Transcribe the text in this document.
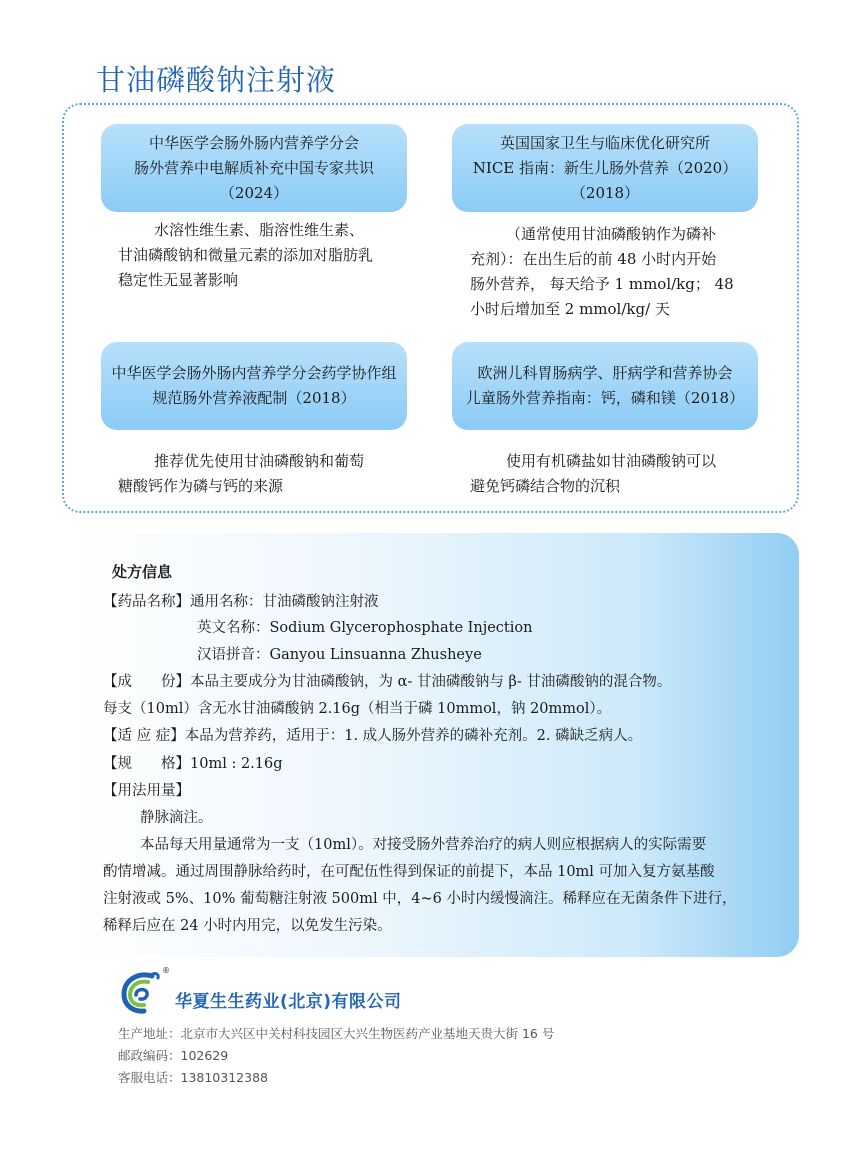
甘油磷酸钠注射液
中华医学会肠外肠内营养学分会
肠外营养中电解质补充中国专家共识
（2024）
水溶性维生素、脂溶性维生素、
甘油磷酸钠和微量元素的添加对脂肪乳
稳定性无显著影响
英国国家卫生与临床优化研究所
NICE 指南：新生儿肠外营养（2020）
（2018）
（通常使用甘油磷酸钠作为磷补
充剂）：在出生后的前 48 小时内开始
肠外营养， 每天给予 1 mmol/kg； 48
小时后增加至 2 mmol/kg/ 天
中华医学会肠外肠内营养学分会药学协作组
规范肠外营养液配制（2018）
推荐优先使用甘油磷酸钠和葡萄
糖酸钙作为磷与钙的来源
欧洲儿科胃肠病学、肝病学和营养协会
儿童肠外营养指南：钙，磷和镁（2018）
使用有机磷盐如甘油磷酸钠可以
避免钙磷结合物的沉积
处方信息

【药品名称】通用名称：甘油磷酸钠注射液

英文名称：Sodium Glycerophosphate Injection

汉语拼音：Ganyou Linsuanna Zhusheye

【成　　份】本品主要成分为甘油磷酸钠，为 α- 甘油磷酸钠与 β- 甘油磷酸钠的混合物。

每支（10ml）含无水甘油磷酸钠 2.16g（相当于磷 10mmol，钠 20mmol）。

【适 应 症】本品为营养药，适用于：1. 成人肠外营养的磷补充剂。2. 磷缺乏病人。

【规　　格】10ml : 2.16g

【用法用量】

静脉滴注。

本品每天用量通常为一支（10ml）。对接受肠外营养治疗的病人则应根据病人的实际需要

酌情增减。通过周围静脉给药时，在可配伍性得到保证的前提下，本品 10ml 可加入复方氨基酸

注射液或 5%、10% 葡萄糖注射液 500ml 中，4~6 小时内缓慢滴注。稀释应在无菌条件下进行，

稀释后应在 24 小时内用完，以免发生污染。

®

华夏生生药业(北京)有限公司

生产地址：北京市大兴区中关村科技园区大兴生物医药产业基地天贵大街 16 号

邮政编码：102629

客服电话：13810312388
